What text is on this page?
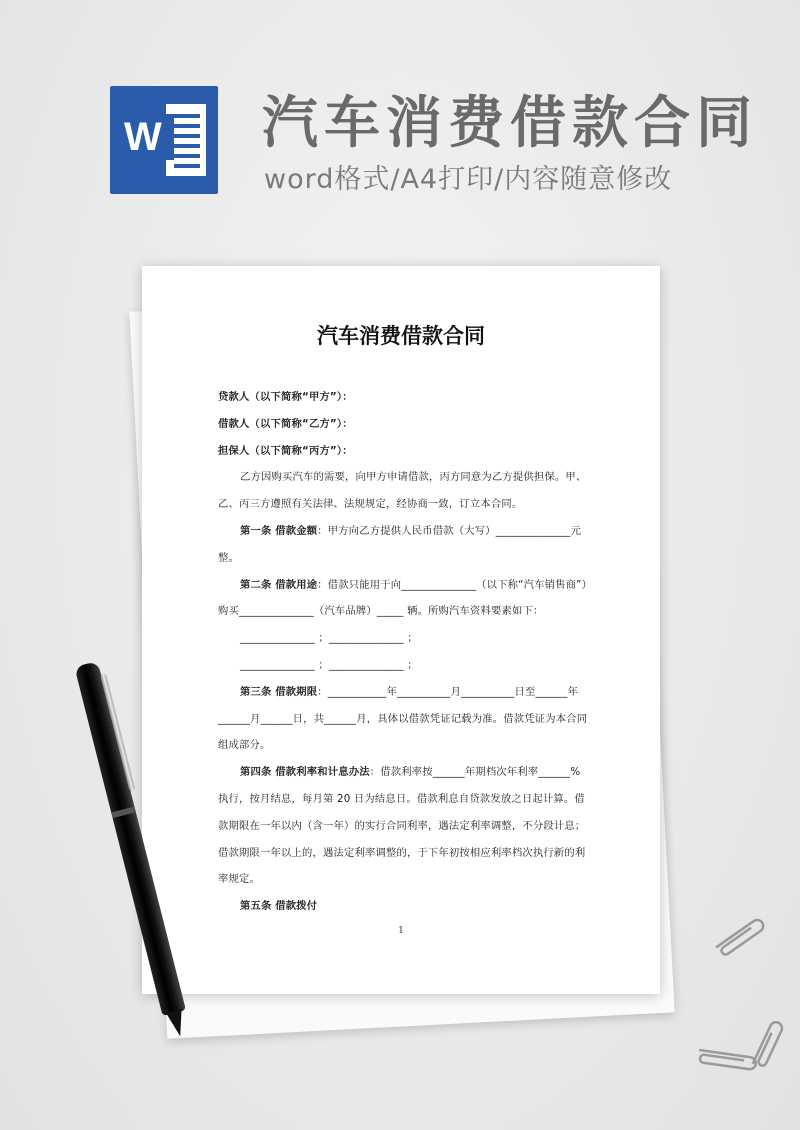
W 汽车消费借款合同

word格式/A4打印/内容随意修改

汽车消费借款合同

贷款人（以下简称“甲方”）：

借款人（以下简称“乙方”）：

担保人（以下简称“丙方”）：

乙方因购买汽车的需要，向甲方申请借款，丙方同意为乙方提供担保。甲、乙、丙三方遵照有关法律、法规规定，经协商一致，订立本合同。

第一条 借款金额：甲方向乙方提供人民币借款（大写）______________元整。

第二条 借款用途：借款只能用于向______________（以下称“汽车销售商”）购买______________（汽车品牌）_____ 辆。所购汽车资料要素如下：

______________ ；______________ ；

______________ ；______________ ；

第三条 借款期限：___________年__________月__________日至______年______月______日，共______月，具体以借款凭证记载为准。借款凭证为本合同组成部分。

第四条 借款利率和计息办法：借款利率按______年期档次年利率______%执行，按月结息，每月第 20 日为结息日。借款利息自贷款发放之日起计算。借款期限在一年以内（含一年）的实行合同利率，遇法定利率调整，不分段计息；借款期限一年以上的，遇法定利率调整的，于下年初按相应利率档次执行新的利率规定。

第五条 借款拨付

1
